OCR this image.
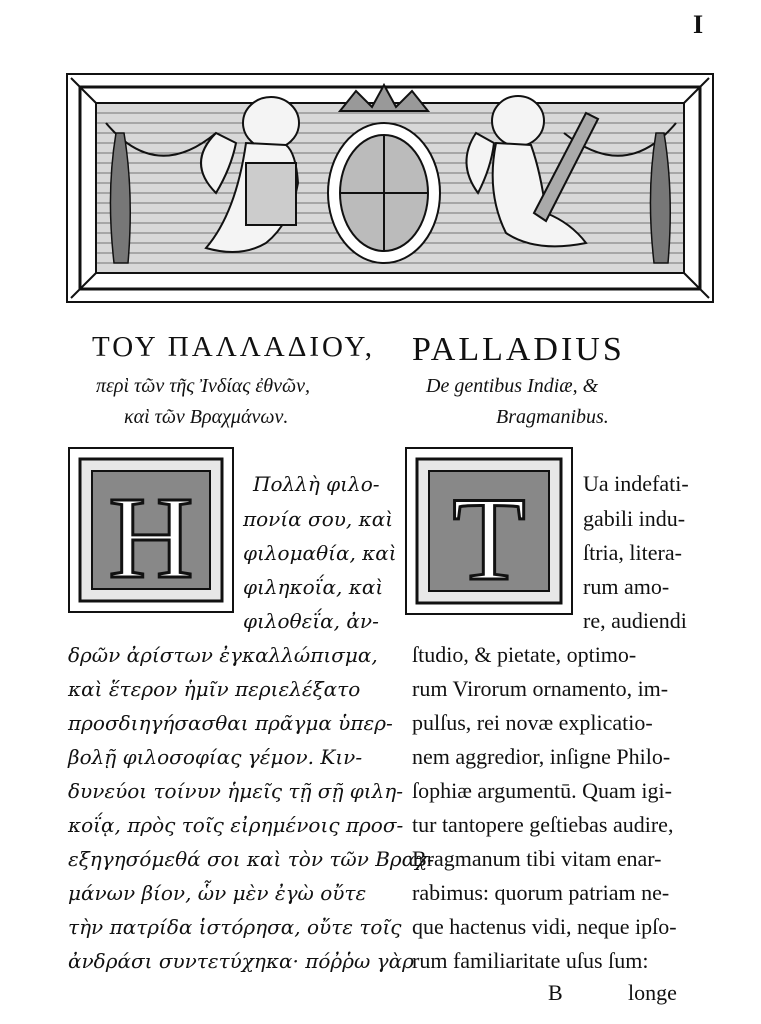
I
ΤΟΥ ΠΑΛΛΑΔΙΟΥ, PALLADIUS
περὶ τῶν τῆς Ἰνδίας ἐθνῶν,
καὶ τῶν Βραχμάνων.
De gentibus Indiæ, &
Bragmanibus.
H T
Πολλὴ φιλο-
πονία σου, καὶ
φιλομαθία, καὶ
φιληκοΐα, καὶ
φιλοθεΐα, ἀν-
δρῶν ἀρίστων ἐγκαλλώπισμα,
καὶ ἕτερον ἡμῖν περιελέξατο
προσδιηγήσασθαι πρᾶγμα ὑπερ-
βολῇ φιλοσοφίας γέμον. Κιν-
δυνεύοι τοίνυν ἡμεῖς τῇ σῇ φιλη-
κοΐᾳ, πρὸς τοῖς εἰρημένοις προσ-
εξηγησόμεθά σοι καὶ τὸν τῶν Βραχ-
μάνων βίον, ὧν μὲν ἐγὼ οὔτε
τὴν πατρίδα ἱστόρησα, οὔτε τοῖς
ἀνδράσι συντετύχηκα· πόῤῥω γὰρ
Ua indefati-
gabili indu-
ſtria, litera-
rum amo-
re, audiendi
ſtudio, & pietate, optimo-
rum Virorum ornamento, im-
pulſus, rei novæ explicatio-
nem aggredior, inſigne Philo-
ſophiæ argumentū. Quam igi-
tur tantopere geſtiebas audire,
Bragmanum tibi vitam enar-
rabimus: quorum patriam ne-
que hactenus vidi, neque ipſo-
rum familiaritate uſus ſum:
B	longe
